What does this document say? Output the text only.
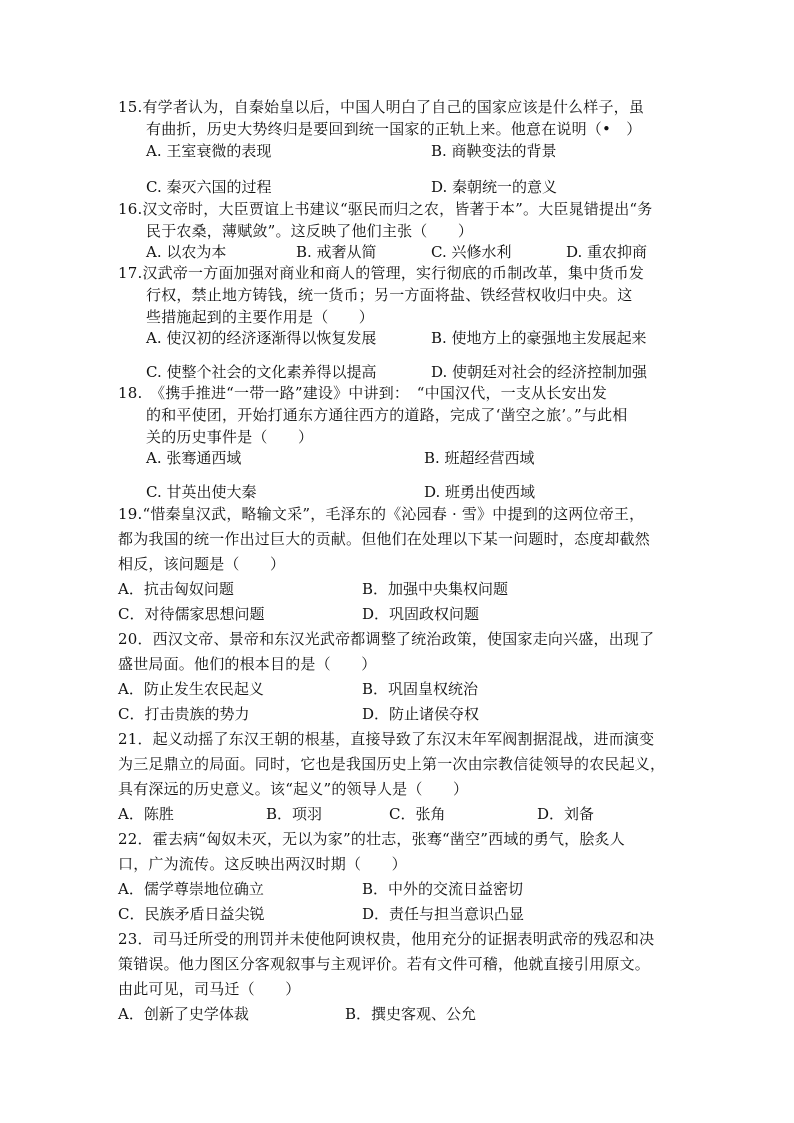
15.有学者认为，自秦始皇以后，中国人明白了自己的国家应该是什么样子，虽
有曲折，历史大势终归是要回到统一国家的正轨上来。他意在说明（•　）
A. 王室衰微的表现	B. 商鞅变法的背景
C. 秦灭六国的过程	D. 秦朝统一的意义
16.汉文帝时，大臣贾谊上书建议“驱民而归之农，皆著于本”。大臣晁错提出“务
民于农桑，薄赋敛”。这反映了他们主张（　　）
A. 以农为本	B. 戒奢从简	C. 兴修水利	D. 重农抑商
17.汉武帝一方面加强对商业和商人的管理，实行彻底的币制改革，集中货币发
行权，禁止地方铸钱，统一货币；另一方面将盐、铁经营权收归中央。这
些措施起到的主要作用是（　　）
A. 使汉初的经济逐渐得以恢复发展	B. 使地方上的豪强地主发展起来
C. 使整个社会的文化素养得以提高	D. 使朝廷对社会的经济控制加强
18.　《携手推进“一带一路”建设》中讲到：　“中国汉代，一支从长安出发
的和平使团，开始打通东方通往西方的道路，完成了‘凿空之旅’。”与此相
关的历史事件是（　　）
A. 张骞通西域	B. 班超经营西域
C. 甘英出使大秦	D. 班勇出使西域
19.“惜秦皇汉武，略输文采”，毛泽东的《沁园春 · 雪》中提到的这两位帝王，
都为我国的统一作出过巨大的贡献。但他们在处理以下某一问题时，态度却截然
相反，该问题是（　　）
A．抗击匈奴问题	B．加强中央集权问题
C．对待儒家思想问题	D．巩固政权问题
20．西汉文帝、景帝和东汉光武帝都调整了统治政策，使国家走向兴盛，出现了
盛世局面。他们的根本目的是（　　）
A．防止发生农民起义	B．巩固皇权统治
C．打击贵族的势力	D．防止诸侯夺权
21．起义动摇了东汉王朝的根基，直接导致了东汉末年军阀割据混战，进而演变
为三足鼎立的局面。同时，它也是我国历史上第一次由宗教信徒领导的农民起义，
具有深远的历史意义。该“起义”的领导人是（　　）
A．陈胜	B．项羽	C．张角	D．刘备
22．霍去病“匈奴未灭，无以为家”的壮志，张骞“凿空”西域的勇气，脍炙人
口，广为流传。这反映出两汉时期（　　）
A．儒学尊崇地位确立	B．中外的交流日益密切
C．民族矛盾日益尖锐	D．责任与担当意识凸显
23．司马迁所受的刑罚并未使他阿谀权贵，他用充分的证据表明武帝的残忍和决
策错误。他力图区分客观叙事与主观评价。若有文件可稽，他就直接引用原文。
由此可见，司马迁（　　）
A．创新了史学体裁	B．撰史客观、公允
